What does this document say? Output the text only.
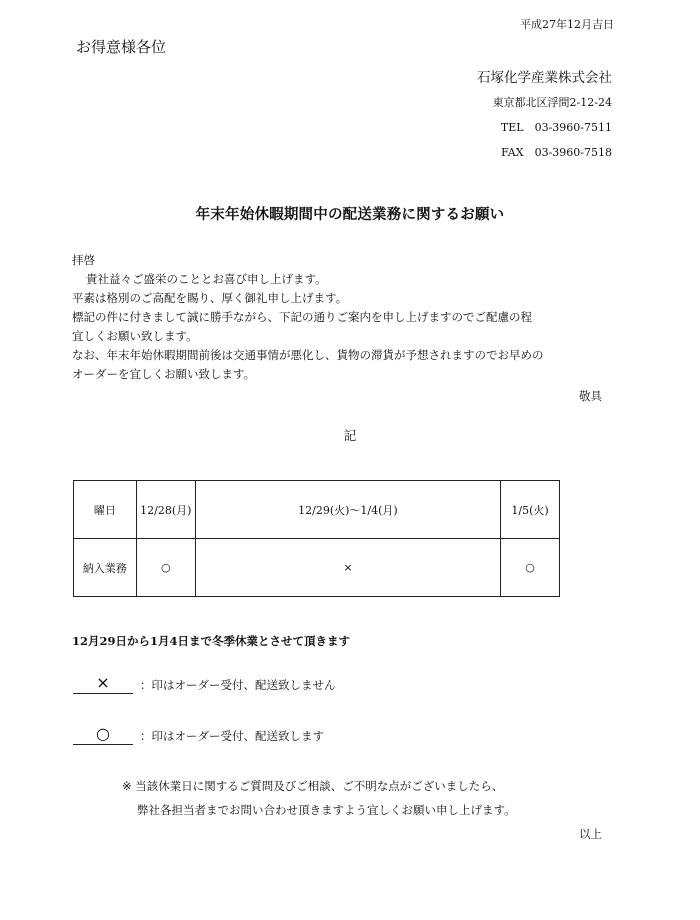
平成27年12月吉日
お得意様各位
石塚化学産業株式会社
東京都北区浮間2-12-24
TEL　03-3960-7511
FAX　03-3960-7518
年末年始休暇期間中の配送業務に関するお願い

拝啓

貴社益々ご盛栄のこととお喜び申し上げます。

平素は格別のご高配を賜り、厚く御礼申し上げます。

標記の件に付きまして誠に勝手ながら、下記の通りご案内を申し上げますのでご配慮の程

宜しくお願い致します。

なお、年末年始休暇期間前後は交通事情が悪化し、貨物の滞貨が予想されますのでお早めの

オーダーを宜しくお願い致します。

敬具
記
曜日	12/28(月)	12/29(火)～1/4(月)	1/5(火)
納入業務	○	×	○
12月29日から1月4日まで冬季休業とさせて頂きます
×	：印はオーダー受付、配送致しません
○	：印はオーダー受付、配送致します
※ 当該休業日に関するご質問及びご相談、ご不明な点がございましたら、
弊社各担当者までお問い合わせ頂きますよう宜しくお願い申し上げます。
以上
